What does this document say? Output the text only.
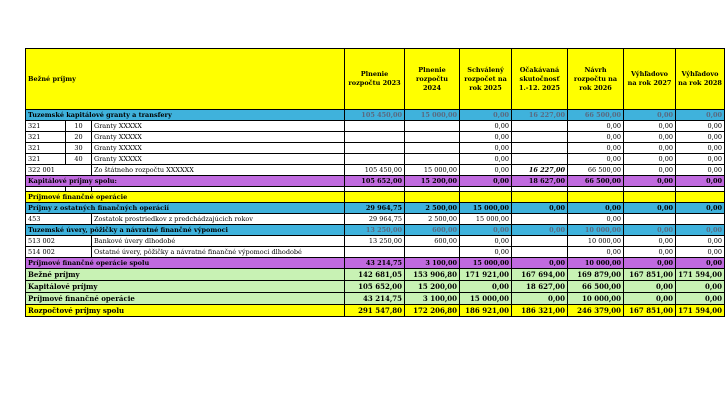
Bežné príjmy			Plnenie rozpočtu 2023	Plnenie rozpočtu 2024	Schválený rozpočet na rok 2025	Očakávaná skutočnosť 1.-12. 2025	Návrh rozpočtu na rok 2026	Výhľadovo na rok 2027	Výhľadovo na rok 2028
Tuzemské kapitálové granty a transfery			105 450,00	15 000,00	0,00	16 227,00	66 500,00	0,00	0,00
321	10	Granty XXXXX			0,00		0,00	0,00	0,00
321	20	Granty XXXXX			0,00		0,00	0,00	0,00
321	30	Granty XXXXX			0,00		0,00	0,00	0,00
321	40	Granty XXXXX			0,00		0,00	0,00	0,00
322 001		Zo štátneho rozpočtu XXXXXX	105 450,00	15 000,00	0,00	16 227,00	66 500,00	0,00	0,00
Kapitálové príjmy spolu:			105 652,00	15 200,00	0,00	18 627,00	66 500,00	0,00	0,00

Príjmové finančné operácie									
Príjmy z ostatných finančných operácií			29 964,75	2 500,00	15 000,00	0,00	0,00	0,00	0,00
453		Zostatok prostriedkov z predchádzajúcich rokov	29 964,75	2 500,00	15 000,00		0,00		
Tuzemské úvery, pôžičky a návratné finančné výpomoci			13 250,00	600,00	0,00	0,00	10 000,00	0,00	0,00
513 002		Bankové úvery dlhodobé	13 250,00	600,00	0,00		10 000,00	0,00	0,00
514 002		Ostatné úvery, pôžičky a návratné finančné výpomoci dlhodobé			0,00		0,00	0,00	0,00
Príjmové finančné operácie spolu			43 214,75	3 100,00	15 000,00	0,00	10 000,00	0,00	0,00
Bežné príjmy			142 681,05	153 906,80	171 921,00	167 694,00	169 879,00	167 851,00	171 594,00
Kapitálové príjmy			105 652,00	15 200,00	0,00	18 627,00	66 500,00	0,00	0,00
Príjmové finančné operácie			43 214,75	3 100,00	15 000,00	0,00	10 000,00	0,00	0,00
Rozpočtové príjmy spolu			291 547,80	172 206,80	186 921,00	186 321,00	246 379,00	167 851,00	171 594,00
